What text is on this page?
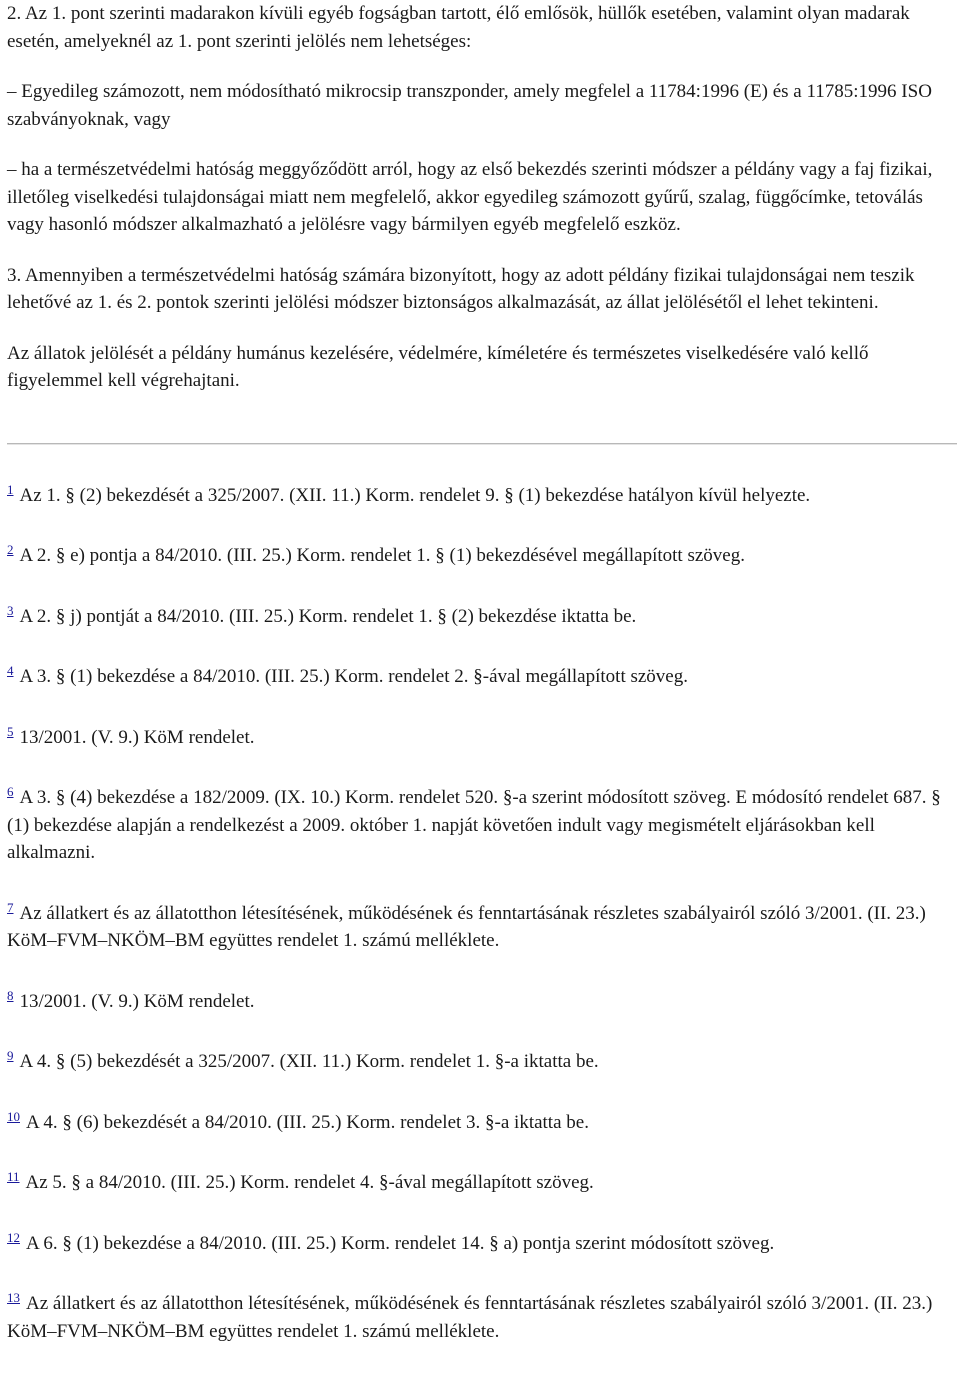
2. Az 1. pont szerinti madarakon kívüli egyéb fogságban tartott, élő emlősök, hüllők esetében, valamint olyan madarak esetén, amelyeknél az 1. pont szerinti jelölés nem lehetséges:

– Egyedileg számozott, nem módosítható mikrocsip transzponder, amely megfelel a 11784:1996 (E) és a 11785:1996 ISO szabványoknak, vagy

– ha a természetvédelmi hatóság meggyőződött arról, hogy az első bekezdés szerinti módszer a példány vagy a faj fizikai, illetőleg viselkedési tulajdonságai miatt nem megfelelő, akkor egyedileg számozott gyűrű, szalag, függőcímke, tetoválás vagy hasonló módszer alkalmazható a jelölésre vagy bármilyen egyéb megfelelő eszköz.

3. Amennyiben a természetvédelmi hatóság számára bizonyított, hogy az adott példány fizikai tulajdonságai nem teszik lehetővé az 1. és 2. pontok szerinti jelölési módszer biztonságos alkalmazását, az állat jelölésétől el lehet tekinteni.

Az állatok jelölését a példány humánus kezelésére, védelmére, kíméletére és természetes viselkedésére való kellő figyelemmel kell végrehajtani.

$^1$ Az 1. § (2) bekezdését a 325/2007. (XII. 11.) Korm. rendelet 9. § (1) bekezdése hatályon kívül helyezte.

$^2$ A 2. § e) pontja a 84/2010. (III. 25.) Korm. rendelet 1. § (1) bekezdésével megállapított szöveg.

$^3$ A 2. § j) pontját a 84/2010. (III. 25.) Korm. rendelet 1. § (2) bekezdése iktatta be.

$^4$ A 3. § (1) bekezdése a 84/2010. (III. 25.) Korm. rendelet 2. §-ával megállapított szöveg.

$^5$ 13/2001. (V. 9.) KöM rendelet.

$^6$ A 3. § (4) bekezdése a 182/2009. (IX. 10.) Korm. rendelet 520. §-a szerint módosított szöveg. E módosító rendelet 687. § (1) bekezdése alapján a rendelkezést a 2009. október 1. napját követően indult vagy megismételt eljárásokban kell alkalmazni.

$^7$ Az állatkert és az állatotthon létesítésének, működésének és fenntartásának részletes szabályairól szóló 3/2001. (II. 23.) KöM–FVM–NKÖM–BM együttes rendelet 1. számú melléklete.

$^8$ 13/2001. (V. 9.) KöM rendelet.

$^9$ A 4. § (5) bekezdését a 325/2007. (XII. 11.) Korm. rendelet 1. §-a iktatta be.

$^{10}$ A 4. § (6) bekezdését a 84/2010. (III. 25.) Korm. rendelet 3. §-a iktatta be.

$^{11}$ Az 5. § a 84/2010. (III. 25.) Korm. rendelet 4. §-ával megállapított szöveg.

$^{12}$ A 6. § (1) bekezdése a 84/2010. (III. 25.) Korm. rendelet 14. § a) pontja szerint módosított szöveg.

$^{13}$ Az állatkert és az állatotthon létesítésének, működésének és fenntartásának részletes szabályairól szóló 3/2001. (II. 23.) KöM–FVM–NKÖM–BM együttes rendelet 1. számú melléklete.
